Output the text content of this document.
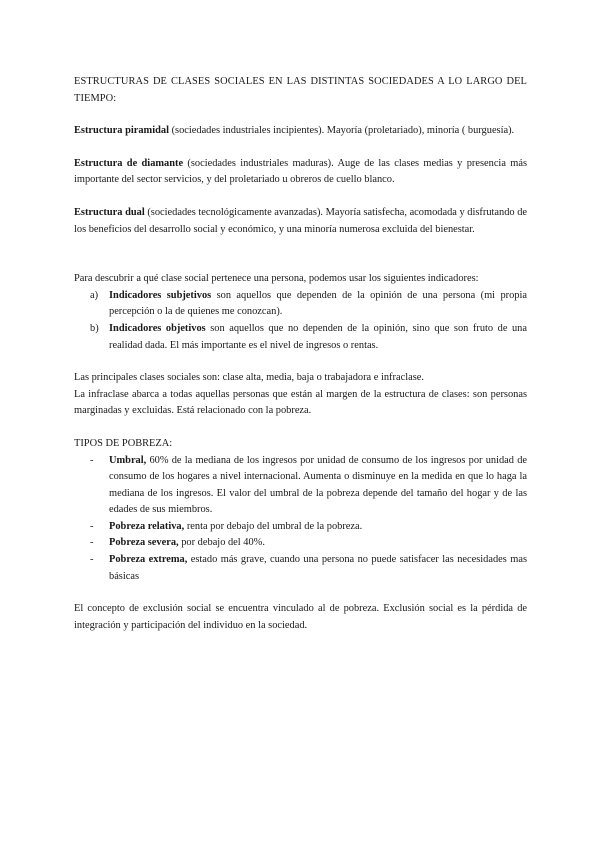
ESTRUCTURAS DE CLASES SOCIALES EN LAS DISTINTAS SOCIEDADES A LO LARGO DEL TIEMPO:

Estructura piramidal (sociedades industriales incipientes). Mayoría (proletariado), minoría ( burguesía).

Estructura de diamante (sociedades industriales maduras). Auge de las clases medias y presencia más importante del sector servicios, y del proletariado u obreros de cuello blanco.

Estructura dual (sociedades tecnológicamente avanzadas). Mayoría satisfecha, acomodada y disfrutando de los beneficios del desarrollo social y económico, y una minoría numerosa excluida del bienestar.

Para descubrir a qué clase social pertenece una persona, podemos usar los siguientes indicadores:

a) Indicadores subjetivos son aquellos que dependen de la opinión de una persona (mi propia percepción o la de quienes me conozcan).
b) Indicadores objetivos son aquellos que no dependen de la opinión, sino que son fruto de una realidad dada. El más importante es el nivel de ingresos o rentas.

Las principales clases sociales son: clase alta, media, baja o trabajadora e infraclase.

La infraclase abarca a todas aquellas personas que están al margen de la estructura de clases: son personas marginadas y excluidas. Está relacionado con la pobreza.

TIPOS DE POBREZA:

- Umbral, 60% de la mediana de los ingresos por unidad de consumo de los ingresos por unidad de consumo de los hogares a nivel internacional. Aumenta o disminuye en la medida en que lo haga la mediana de los ingresos. El valor del umbral de la pobreza depende del tamaño del hogar y de las edades de sus miembros.
- Pobreza relativa, renta por debajo del umbral de la pobreza.
- Pobreza severa, por debajo del 40%.
- Pobreza extrema, estado más grave, cuando una persona no puede satisfacer las necesidades mas básicas

El concepto de exclusión social se encuentra vinculado al de pobreza. Exclusión social es la pérdida de integración y participación del individuo en la sociedad.
